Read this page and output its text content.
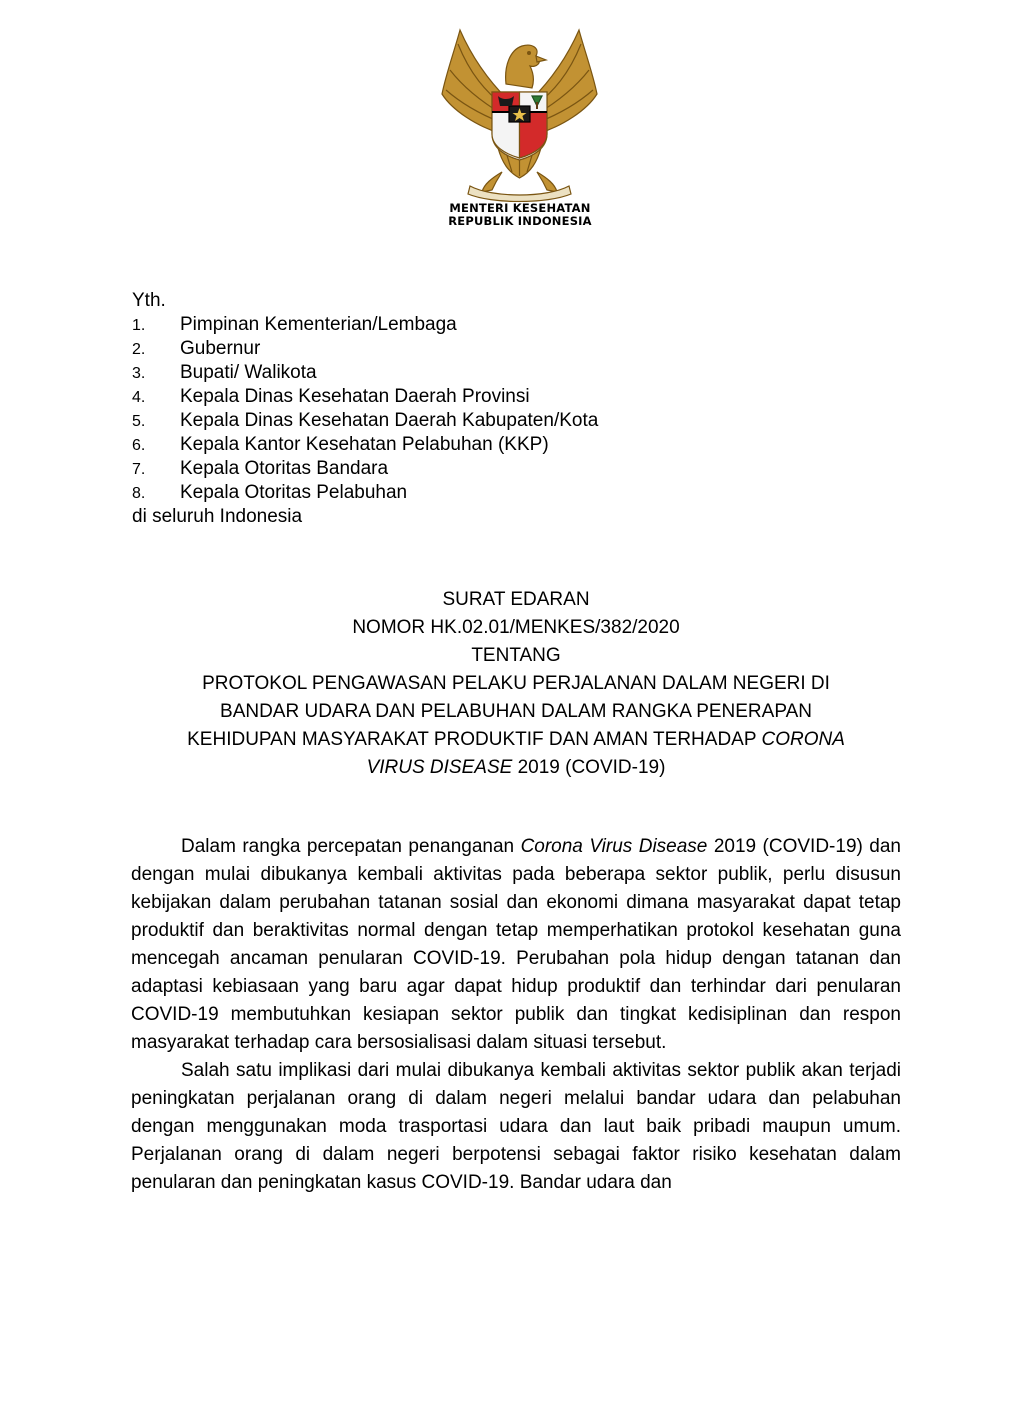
MENTERI KESEHATAN
REPUBLIK INDONESIA
Yth.
1. Pimpinan Kementerian/Lembaga
2. Gubernur
3. Bupati/ Walikota
4. Kepala Dinas Kesehatan Daerah Provinsi
5. Kepala Dinas Kesehatan Daerah Kabupaten/Kota
6. Kepala Kantor Kesehatan Pelabuhan (KKP)
7. Kepala Otoritas Bandara
8. Kepala Otoritas Pelabuhan
di seluruh Indonesia
SURAT EDARAN
NOMOR HK.02.01/MENKES/382/2020
TENTANG
PROTOKOL PENGAWASAN PELAKU PERJALANAN DALAM NEGERI DI
BANDAR UDARA DAN PELABUHAN DALAM RANGKA PENERAPAN
KEHIDUPAN MASYARAKAT PRODUKTIF DAN AMAN TERHADAP CORONA
VIRUS DISEASE 2019 (COVID-19)

Dalam rangka percepatan penanganan Corona Virus Disease 2019 (COVID-19) dan dengan mulai dibukanya kembali aktivitas pada beberapa sektor publik, perlu disusun kebijakan dalam perubahan tatanan sosial dan ekonomi dimana masyarakat dapat tetap produktif dan beraktivitas normal dengan tetap memperhatikan protokol kesehatan guna mencegah ancaman penularan COVID-19. Perubahan pola hidup dengan tatanan dan adaptasi kebiasaan yang baru agar dapat hidup produktif dan terhindar dari penularan COVID-19 membutuhkan kesiapan sektor publik dan tingkat kedisiplinan dan respon masyarakat terhadap cara bersosialisasi dalam situasi tersebut.

Salah satu implikasi dari mulai dibukanya kembali aktivitas sektor publik akan terjadi peningkatan perjalanan orang di dalam negeri melalui bandar udara dan pelabuhan dengan menggunakan moda trasportasi udara dan laut baik pribadi maupun umum. Perjalanan orang di dalam negeri berpotensi sebagai faktor risiko kesehatan dalam penularan dan peningkatan kasus COVID-19. Bandar udara dan
